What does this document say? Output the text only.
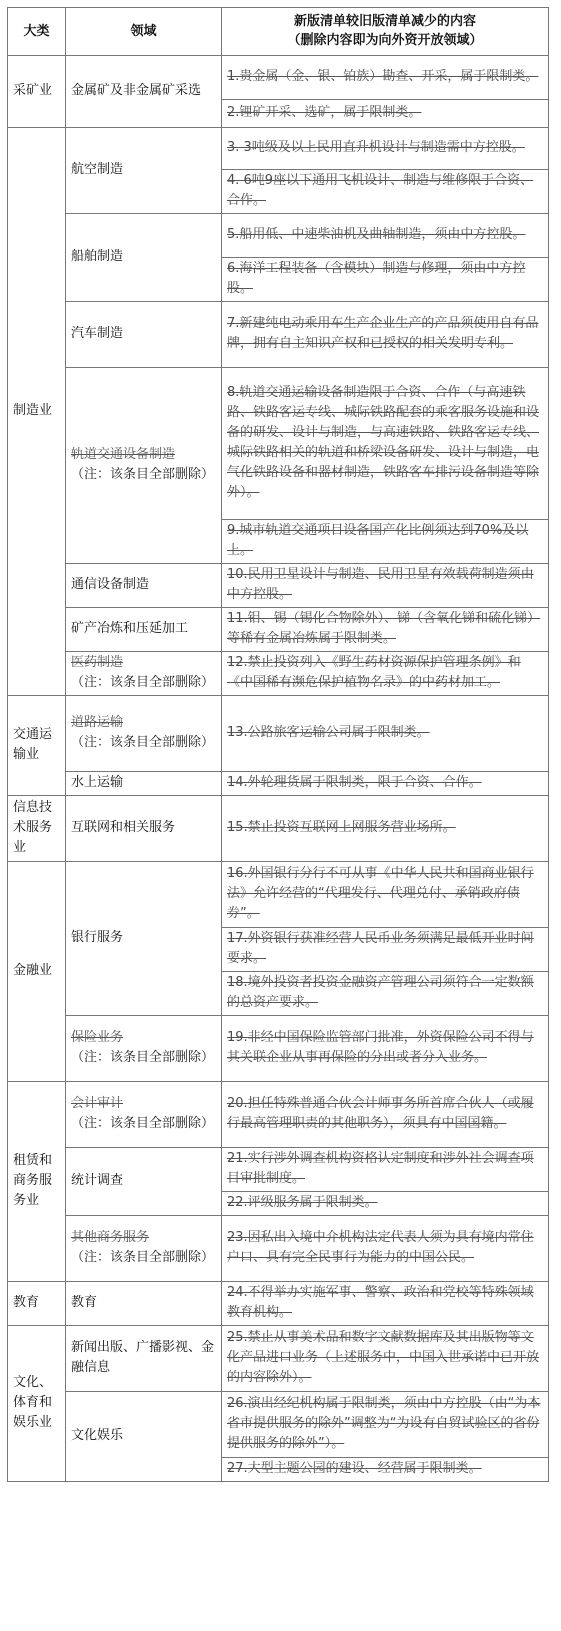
大类	领域	新版清单较旧版清单减少的内容
（删除内容即为向外资开放领域）
采矿业	金属矿及非金属矿采选	1.贵金属（金、银、铂族）勘查、开采，属于限制类。
		2.锂矿开采、选矿，属于限制类。
制造业	航空制造	3. 3吨级及以上民用直升机设计与制造需中方控股。
		4. 6吨9座以下通用飞机设计、制造与维修限于合资、合作。
	船舶制造	5.船用低、中速柴油机及曲轴制造，须由中方控股。
		6.海洋工程装备（含模块）制造与修理，须由中方控股。
	汽车制造	7.新建纯电动乘用车生产企业生产的产品须使用自有品牌，拥有自主知识产权和已授权的相关发明专利。

	轨道交通设备制造
（注：该条目全部删除）	8.轨道交通运输设备制造限于合资、合作（与高速铁路、铁路客运专线、城际铁路配套的乘客服务设施和设备的研发、设计与制造，与高速铁路、铁路客运专线、城际铁路相关的轨道和桥梁设备研发、设计与制造，电气化铁路设备和器材制造，铁路客车排污设备制造等除外）。
		9.城市轨道交通项目设备国产化比例须达到70%及以上。
	通信设备制造	10.民用卫星设计与制造、民用卫星有效载荷制造须由中方控股。
	矿产冶炼和压延加工	11.钼、锡（锡化合物除外）、锑（含氧化锑和硫化锑）等稀有金属冶炼属于限制类。

	医药制造
（注：该条目全部删除）	12.禁止投资列入《野生药材资源保护管理条例》和《中国稀有濒危保护植物名录》的中药材加工。
交通运输业	道路运输
（注：该条目全部删除）	13.公路旅客运输公司属于限制类。
	水上运输	14.外轮理货属于限制类，限于合资、合作。
信息技术服务业	互联网和相关服务	15.禁止投资互联网上网服务营业场所。
金融业	银行服务	16.外国银行分行不可从事《中华人民共和国商业银行法》允许经营的“代理发行、代理兑付、承销政府债券”。
		17.外资银行获准经营人民币业务须满足最低开业时间要求。
		18.境外投资者投资金融资产管理公司须符合一定数额的总资产要求。

	保险业务
（注：该条目全部删除）	19.非经中国保险监管部门批准，外资保险公司不得与其关联企业从事再保险的分出或者分入业务。
租赁和商务服务业	会计审计
（注：该条目全部删除）	20.担任特殊普通合伙会计师事务所首席合伙人（或履行最高管理职责的其他职务），须具有中国国籍。
	统计调查	21.实行涉外调查机构资格认定制度和涉外社会调查项目审批制度。
		22.评级服务属于限制类。

	其他商务服务
（注：该条目全部删除）	23.因私出入境中介机构法定代表人须为具有境内常住户口、具有完全民事行为能力的中国公民。
教育	教育	24.不得举办实施军事、警察、政治和党校等特殊领域教育机构。
文化、体育和娱乐业	新闻出版、广播影视、金融信息	25.禁止从事美术品和数字文献数据库及其出版物等文化产品进口业务（上述服务中，中国入世承诺中已开放的内容除外）。
	文化娱乐	26.演出经纪机构属于限制类，须由中方控股（由“为本省市提供服务的除外”调整为“为设有自贸试验区的省份提供服务的除外”）。
		27.大型主题公园的建设、经营属于限制类。
